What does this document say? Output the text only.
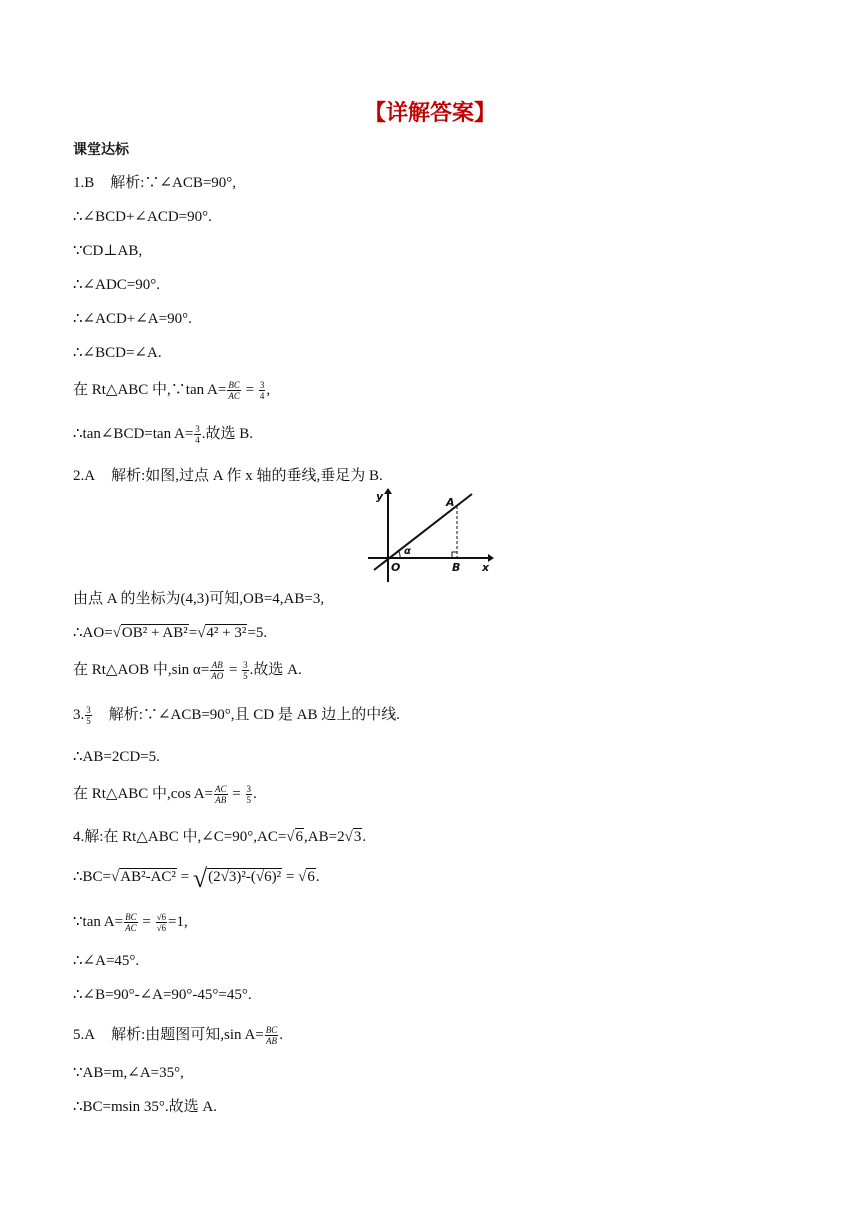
【详解答案】
课堂达标
1.B 解析:∵∠ACB=90°,
∴∠BCD+∠ACD=90°.
∵CD⊥AB,
∴∠ADC=90°.
∴∠ACD+∠A=90°.
∴∠BCD=∠A.
在 Rt△ABC 中,∵tan $A= \frac{BC}{AC} = \frac{3}{4}$ ,
∴tan∠BCD=tan $A= \frac{3}{4}$ .故选 B.
2.A 解析:如图,过点 A 作 x 轴的垂线,垂足为 B.
y	A
α
O	B x
由点 A 的坐标为(4,3)可知,OB=4,AB=3,
∴AO=√OB² + AB²=√4² + 3²=5.
在 Rt△AOB 中,sin $\alpha= \frac{AB}{AO} = \frac{3}{5}$ .故选 A.
3. $\frac{3}{5}$ 解析:∵∠ACB=90°,且 CD 是 AB 边上的中线.
∴AB=2CD=5.
在 Rt△ABC 中,cos $A= \frac{AC}{AB} = \frac{3}{5}$ .
4.解:在 Rt△ABC 中,∠C=90°,AC=√6,AB=2√3.
∴BC=√AB²-AC² = √(2√3)²-(√6)² = √6.
∵tan $A= \frac{BC}{AC} = \frac{√6}{√6} =1$,
∴∠A=45°.
∴∠B=90°-∠A=90°-45°=45°.
5.A 解析:由题图可知,sin $A= \frac{BC}{AB}$ .
∵AB=m,∠A=35°,
∴BC=msin 35°.故选 A.
